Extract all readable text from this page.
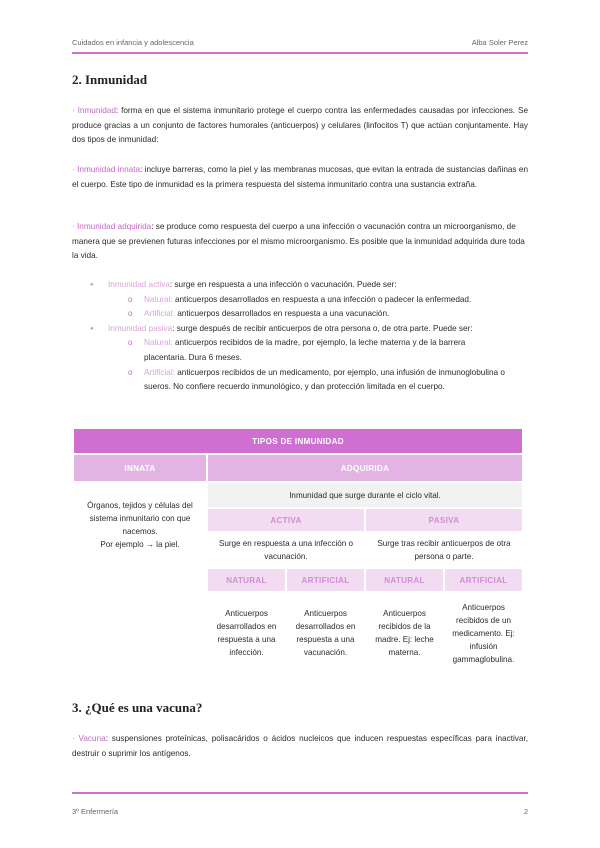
Cuidados en infancia y adolescencia	Alba Soler Perez
2. Inmunidad

· Inmunidad: forma en que el sistema inmunitario protege el cuerpo contra las enfermedades causadas por infecciones. Se produce gracias a un conjunto de factores humorales (anticuerpos) y celulares (linfocitos T) que actúan conjuntamente. Hay dos tipos de inmunidad:

· Inmunidad innata: incluye barreras, como la piel y las membranas mucosas, que evitan la entrada de sustancias dañinas en el cuerpo. Este tipo de inmunidad es la primera respuesta del sistema inmunitario contra una sustancia extraña.

· Inmunidad adquirida: se produce como respuesta del cuerpo a una infección o vacunación contra un microorganismo, de manera que se previenen futuras infecciones por el mismo microorganismo. Es posible que la inmunidad adquirida dure toda la vida.

● Inmunidad activa: surge en respuesta a una infección o vacunación. Puede ser:
o Natural: anticuerpos desarrollados en respuesta a una infección o padecer la enfermedad.
o Artificial: anticuerpos desarrollados en respuesta a una vacunación.
● Inmunidad pasiva: surge después de recibir anticuerpos de otra persona o, de otra parte. Puede ser:
o Natural: anticuerpos recibidos de la madre, por ejemplo, la leche materna y de la barrera placentaria. Dura 6 meses.
o Artificial: anticuerpos recibidos de un medicamento, por ejemplo, una infusión de inmunoglobulina o sueros. No confiere recuerdo inmunológico, y dan protección limitada en el cuerpo.
TIPOS DE INMUNIDAD				
INNATA	ADQUIRIDA			

Órganos, tejidos y células del sistema inmunitario con que nacemos.
Por ejemplo → la piel.	Inmunidad que surge durante el ciclo vital.			
	ACTIVA		PASIVA	
	Surge en respuesta a una infección o vacunación.		Surge tras recibir anticuerpos de otra persona o parte.	
	NATURAL	ARTIFICIAL	NATURAL	ARTIFICIAL
	Anticuerpos desarrollados en respuesta a una infección.	Anticuerpos desarrollados en respuesta a una vacunación.	Anticuerpos recibidos de la madre. Ej: leche materna.	Anticuerpos recibidos de un medicamento. Ej: infusión gammaglobulina.
3. ¿Qué es una vacuna?

· Vacuna: suspensiones proteínicas, polisacáridos o ácidos nucleicos que inducen respuestas específicas para inactivar, destruir o suprimir los antígenos.

3º Enfermería	2
